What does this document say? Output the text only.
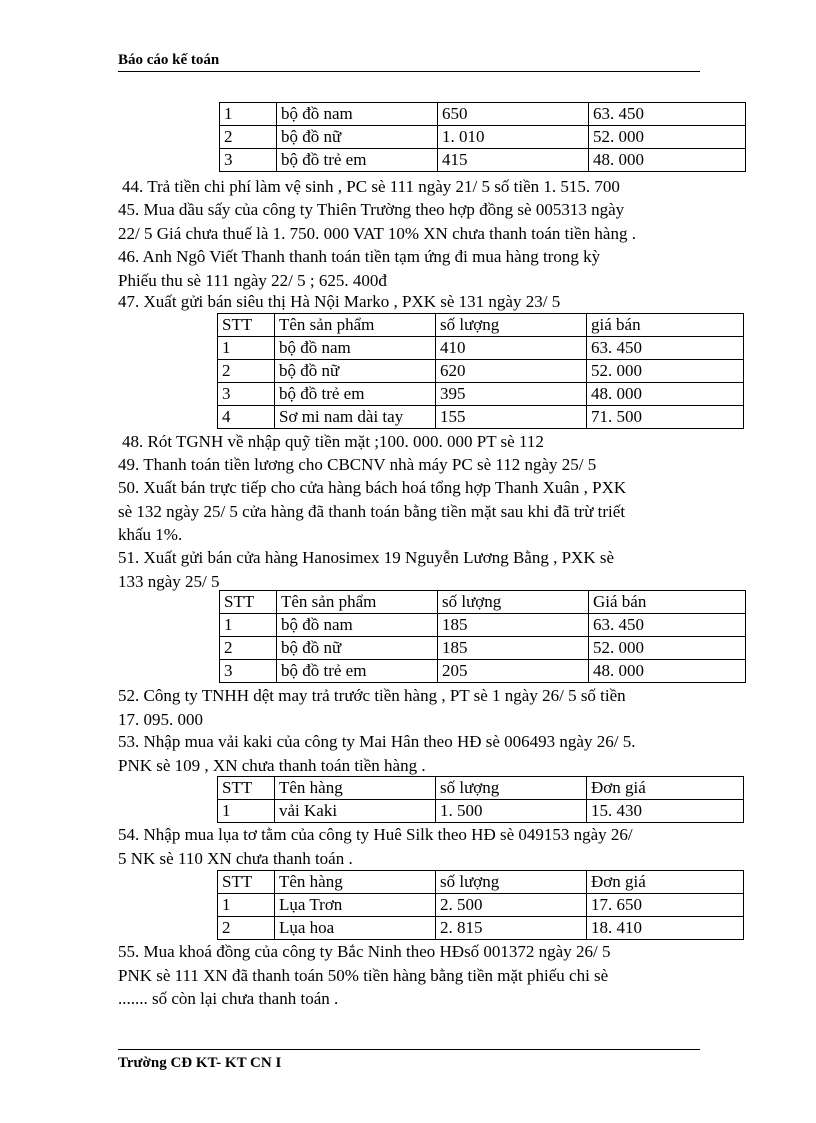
Báo cáo kế toán
1	bộ đồ nam	650	63. 450
2	bộ đồ nữ	1. 010	52. 000
3	bộ đồ trẻ em	415	48. 000
44. Trả tiền chi phí làm vệ sinh , PC sè 111 ngày 21/ 5 số tiền 1. 515. 700
45. Mua dầu sấy của công ty Thiên Trường theo hợp đồng sè 005313 ngày
22/ 5 Giá chưa thuế là 1. 750. 000 VAT 10% XN chưa thanh toán tiền hàng .
46. Anh Ngô Viết Thanh thanh toán tiền tạm ứng đi mua hàng trong kỳ
Phiếu thu sè 111 ngày 22/ 5 ; 625. 400đ
47. Xuất gửi bán siêu thị Hà Nội Marko , PXK sè 131 ngày 23/ 5
STT	Tên sản phẩm	số lượng	giá bán
1	bộ đồ nam	410	63. 450
2	bộ đồ nữ	620	52. 000
3	bộ đồ trẻ em	395	48. 000
4	Sơ mi nam dài tay	155	71. 500
48. Rót TGNH về nhập quỹ tiền mặt ;100. 000. 000 PT sè 112
49. Thanh toán tiền lương cho CBCNV nhà máy PC sè 112 ngày 25/ 5
50. Xuất bán trực tiếp cho cửa hàng bách hoá tổng hợp Thanh Xuân , PXK
sè 132 ngày 25/ 5 cửa hàng đã thanh toán bằng tiền mặt sau khi đã trừ triết
khấu 1%.
51. Xuất gửi bán cửa hàng Hanosimex 19 Nguyễn Lương Bằng , PXK sè
133 ngày 25/ 5
STT	Tên sản phẩm	số lượng	Giá bán
1	bộ đồ nam	185	63. 450
2	bộ đồ nữ	185	52. 000
3	bộ đồ trẻ em	205	48. 000
52. Công ty TNHH dệt may trả trước tiền hàng , PT sè 1 ngày 26/ 5 số tiền
17. 095. 000
53. Nhập mua vải kaki của công ty Mai Hân theo HĐ sè 006493 ngày 26/ 5.
PNK sè 109 , XN chưa thanh toán tiền hàng .
STT	Tên hàng	số lượng	Đơn giá
1	vải Kaki	1. 500	15. 430
54. Nhập mua lụa tơ tằm của công ty Huê Silk theo HĐ sè 049153 ngày 26/
5 NK sè 110 XN chưa thanh toán .
STT	Tên hàng	số lượng	Đơn giá
1	Lụa Trơn	2. 500	17. 650
2	Lụa hoa	2. 815	18. 410
55. Mua khoá đồng của công ty Bắc Ninh theo HĐsố 001372 ngày 26/ 5
PNK sè 111 XN đã thanh toán 50% tiền hàng bằng tiền mặt phiếu chi sè
....... số còn lại chưa thanh toán .
Trường CĐ KT- KT CN I
